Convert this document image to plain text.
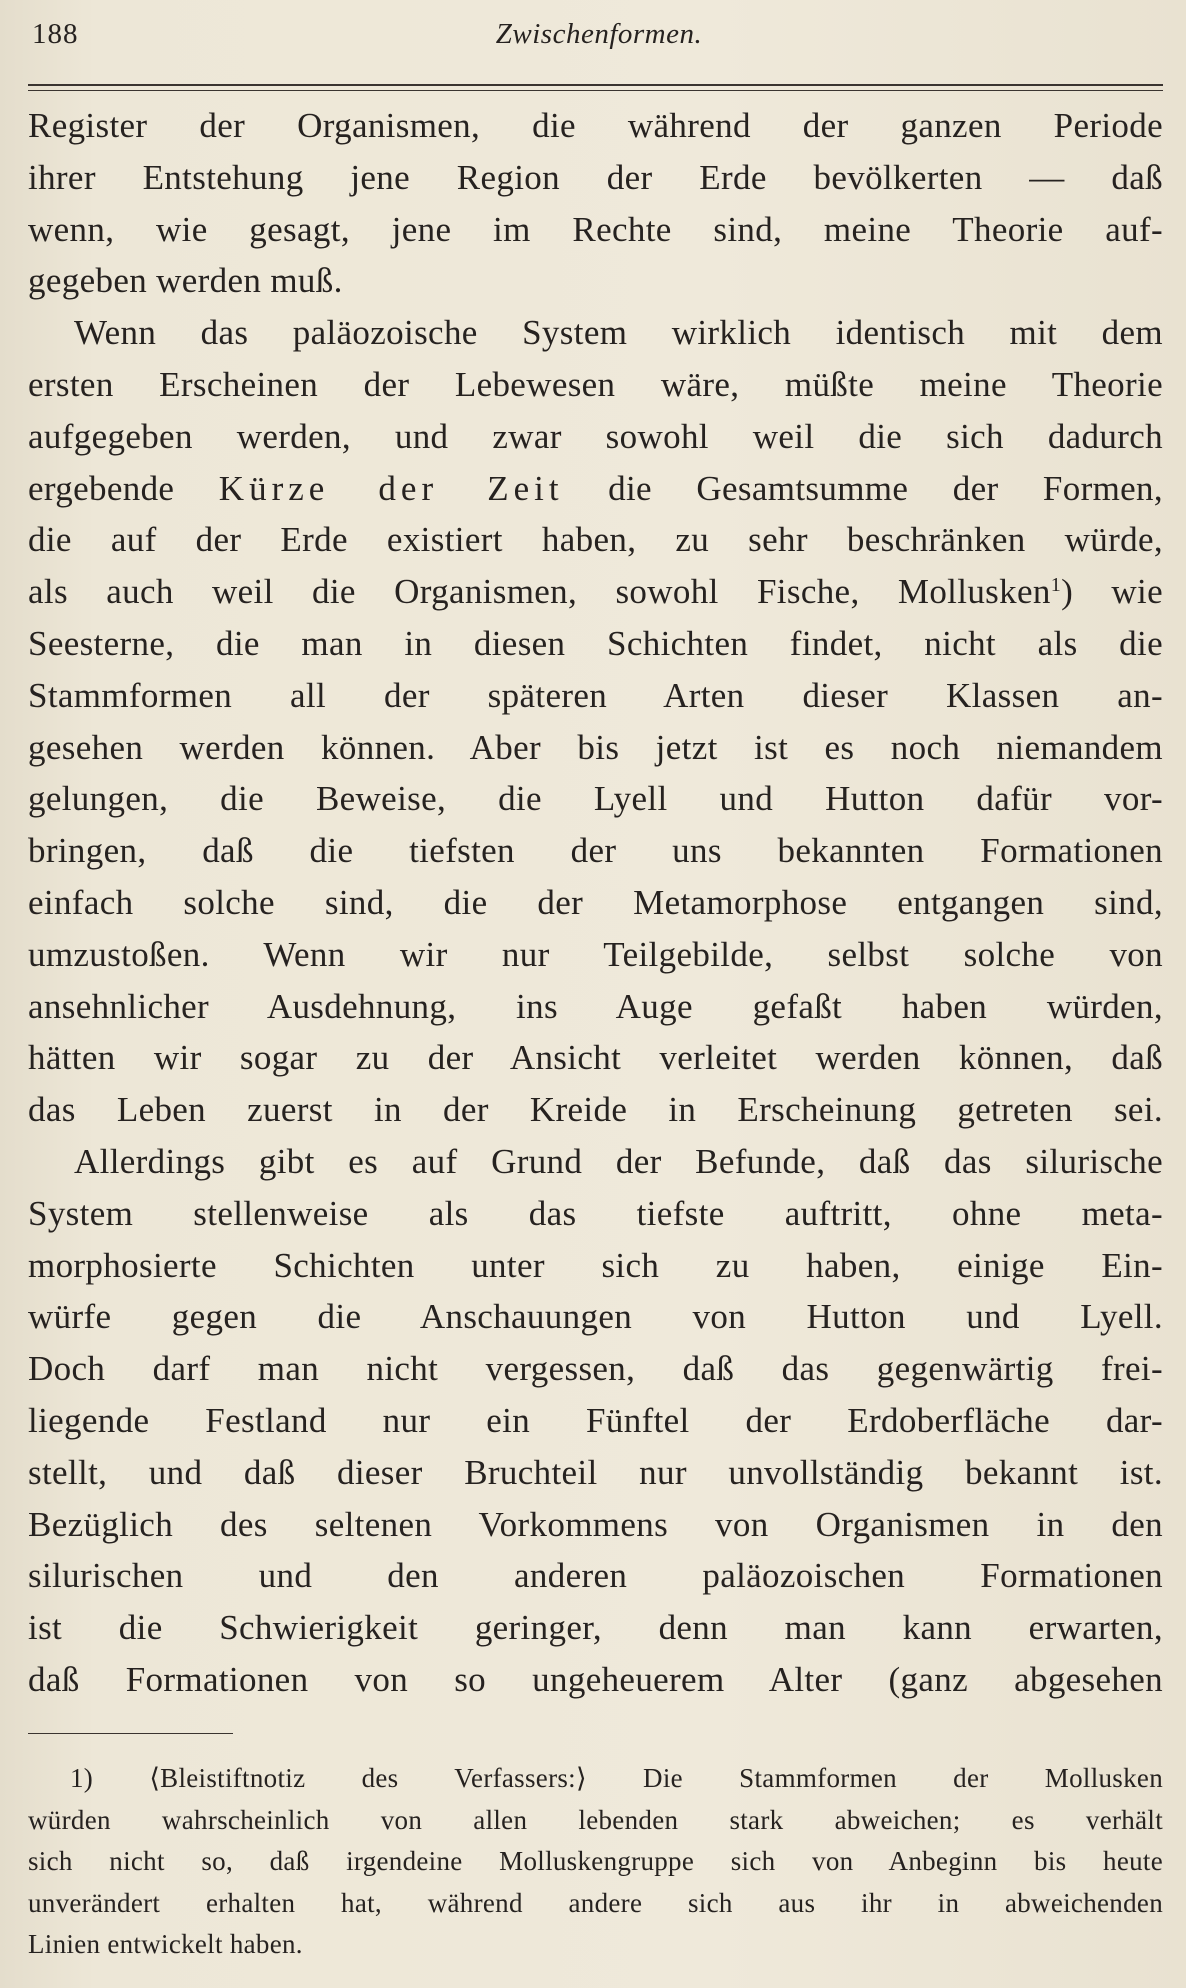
188	Zwischenformen.
Register der Organismen, die während der ganzen Periode
ihrer Entstehung jene Region der Erde bevölkerten — daß
wenn, wie gesagt, jene im Rechte sind, meine Theorie auf-
gegeben werden muß.
Wenn das paläozoische System wirklich identisch mit dem
ersten Erscheinen der Lebewesen wäre, müßte meine Theorie
aufgegeben werden, und zwar sowohl weil die sich dadurch
ergebende Kürze der Zeit die Gesamtsumme der Formen,
die auf der Erde existiert haben, zu sehr beschränken würde,
als auch weil die Organismen, sowohl Fische, Mollusken$^1$) wie
Seesterne, die man in diesen Schichten findet, nicht als die
Stammformen all der späteren Arten dieser Klassen an-
gesehen werden können. Aber bis jetzt ist es noch niemandem
gelungen, die Beweise, die Lyell und Hutton dafür vor-
bringen, daß die tiefsten der uns bekannten Formationen
einfach solche sind, die der Metamorphose entgangen sind,
umzustoßen. Wenn wir nur Teilgebilde, selbst solche von
ansehnlicher Ausdehnung, ins Auge gefaßt haben würden,
hätten wir sogar zu der Ansicht verleitet werden können, daß
das Leben zuerst in der Kreide in Erscheinung getreten sei.
Allerdings gibt es auf Grund der Befunde, daß das silurische
System stellenweise als das tiefste auftritt, ohne meta-
morphosierte Schichten unter sich zu haben, einige Ein-
würfe gegen die Anschauungen von Hutton und Lyell.
Doch darf man nicht vergessen, daß das gegenwärtig frei-
liegende Festland nur ein Fünftel der Erdoberfläche dar-
stellt, und daß dieser Bruchteil nur unvollständig bekannt ist.
Bezüglich des seltenen Vorkommens von Organismen in den
silurischen und den anderen paläozoischen Formationen
ist die Schwierigkeit geringer, denn man kann erwarten,
daß Formationen von so ungeheuerem Alter (ganz abgesehen
1) ⟨Bleistiftnotiz des Verfassers:⟩ Die Stammformen der Mollusken
würden wahrscheinlich von allen lebenden stark abweichen; es verhält
sich nicht so, daß irgendeine Molluskengruppe sich von Anbeginn bis heute
unverändert erhalten hat, während andere sich aus ihr in abweichenden
Linien entwickelt haben.
